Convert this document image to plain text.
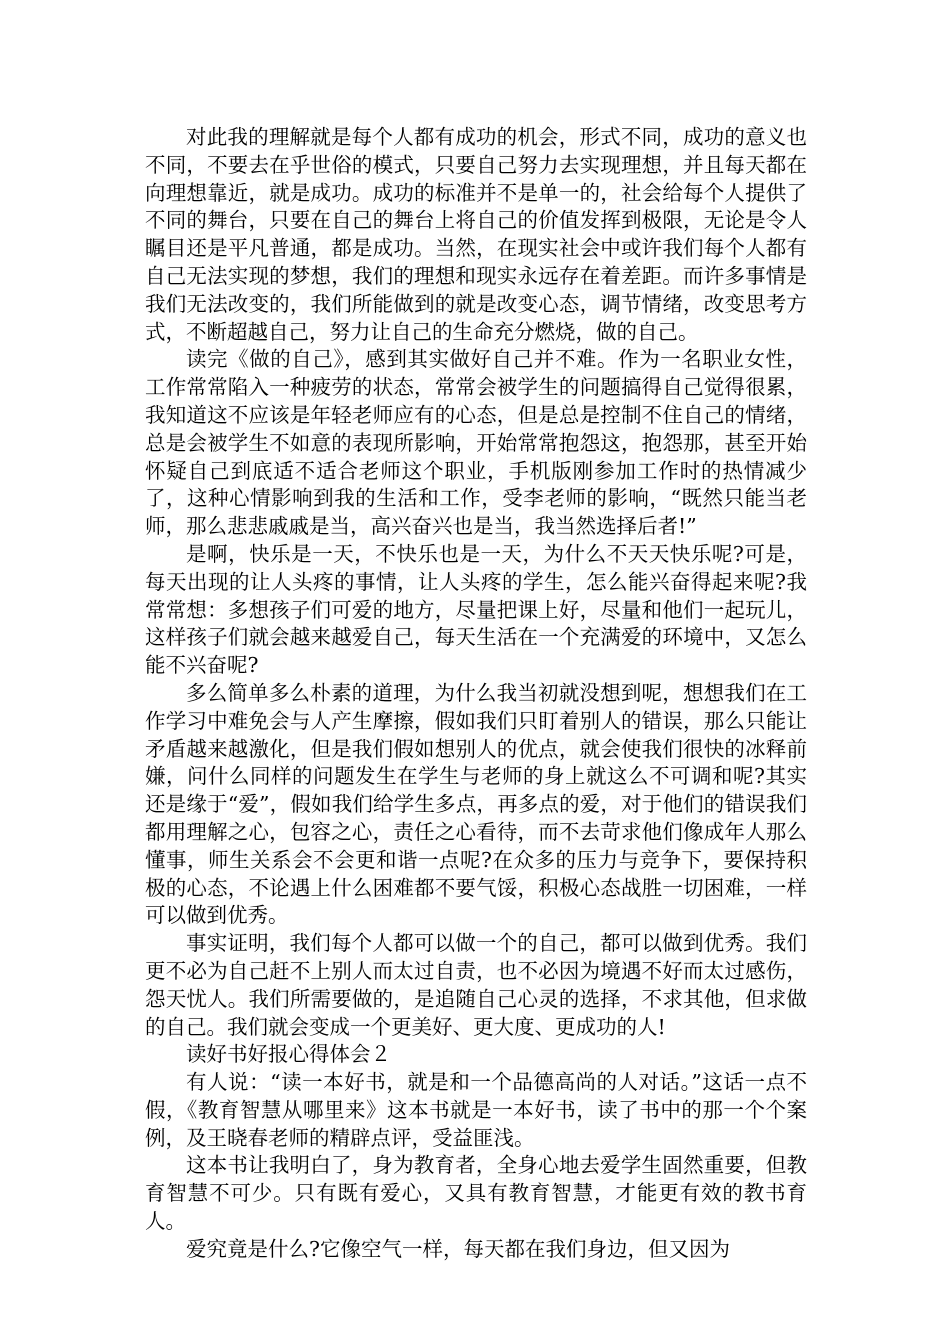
对此我的理解就是每个人都有成功的机会，形式不同，成功的意义也不同，不要去在乎世俗的模式，只要自己努力去实现理想，并且每天都在向理想靠近，就是成功。成功的标准并不是单一的，社会给每个人提供了不同的舞台，只要在自己的舞台上将自己的价值发挥到极限，无论是令人瞩目还是平凡普通，都是成功。当然，在现实社会中或许我们每个人都有自己无法实现的梦想，我们的理想和现实永远存在着差距。而许多事情是我们无法改变的，我们所能做到的就是改变心态，调节情绪，改变思考方式，不断超越自己，努力让自己的生命充分燃烧，做的自己。

读完《做的自己》，感到其实做好自己并不难。作为一名职业女性，工作常常陷入一种疲劳的状态，常常会被学生的问题搞得自己觉得很累，我知道这不应该是年轻老师应有的心态，但是总是控制不住自己的情绪，总是会被学生不如意的表现所影响，开始常常抱怨这，抱怨那，甚至开始怀疑自己到底适不适合老师这个职业，手机版刚参加工作时的热情减少了，这种心情影响到我的生活和工作，受李老师的影响，“既然只能当老师，那么悲悲戚戚是当，高兴奋兴也是当，我当然选择后者!”

是啊，快乐是一天，不快乐也是一天，为什么不天天快乐呢?可是，每天出现的让人头疼的事情，让人头疼的学生，怎么能兴奋得起来呢?我常常想：多想孩子们可爱的地方，尽量把课上好，尽量和他们一起玩儿，这样孩子们就会越来越爱自己，每天生活在一个充满爱的环境中，又怎么能不兴奋呢?

多么简单多么朴素的道理，为什么我当初就没想到呢，想想我们在工作学习中难免会与人产生摩擦，假如我们只盯着别人的错误，那么只能让矛盾越来越激化，但是我们假如想别人的优点，就会使我们很快的冰释前嫌，问什么同样的问题发生在学生与老师的身上就这么不可调和呢?其实还是缘于“爱”，假如我们给学生多点，再多点的爱，对于他们的错误我们都用理解之心，包容之心，责任之心看待，而不去苛求他们像成年人那么懂事，师生关系会不会更和谐一点呢?在众多的压力与竞争下，要保持积极的心态，不论遇上什么困难都不要气馁，积极心态战胜一切困难，一样可以做到优秀。

事实证明，我们每个人都可以做一个的自己，都可以做到优秀。我们更不必为自己赶不上别人而太过自责，也不必因为境遇不好而太过感伤，怨天忧人。我们所需要做的，是追随自己心灵的选择，不求其他，但求做的自己。我们就会变成一个更美好、更大度、更成功的人!

读好书好报心得体会２

有人说：“读一本好书，就是和一个品德高尚的人对话。”这话一点不假，《教育智慧从哪里来》这本书就是一本好书，读了书中的那一个个案例，及王晓春老师的精辟点评，受益匪浅。

这本书让我明白了，身为教育者，全身心地去爱学生固然重要，但教育智慧不可少。只有既有爱心，又具有教育智慧，才能更有效的教书育人。

爱究竟是什么?它像空气一样，每天都在我们身边，但又因为
